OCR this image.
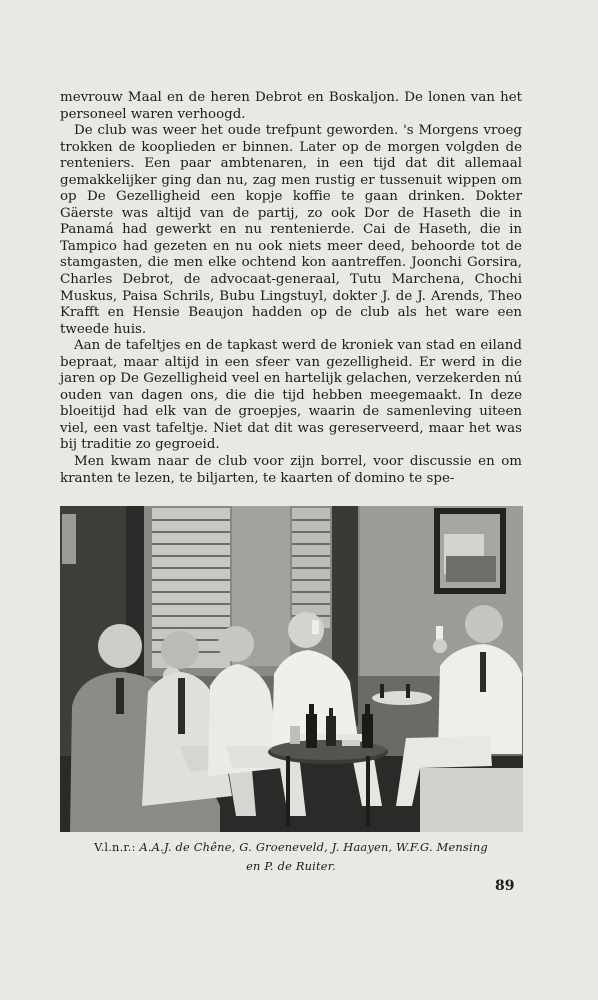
mevrouw Maal en de heren Debrot en Boskaljon. De lonen van het personeel waren verhoogd.

De club was weer het oude trefpunt geworden. 's Morgens vroeg trokken de kooplieden er binnen. Later op de morgen volgden de renteniers. Een paar ambtenaren, in een tijd dat dit allemaal gemakkelijker ging dan nu, zag men rustig er tussenuit wippen om op De Gezelligheid een kopje koffie te gaan drinken. Dokter Gäerste was altijd van de partij, zo ook Dor de Haseth die in Panamá had gewerkt en nu rentenierde. Cai de Haseth, die in Tampico had gezeten en nu ook niets meer deed, behoorde tot de stamgasten, die men elke ochtend kon aantreffen. Joonchi Gorsira, Charles Debrot, de advocaat-generaal, Tutu Marchena, Chochi Muskus, Paisa Schrils, Bubu Lingstuyl, dokter J. de J. Arends, Theo Krafft en Hensie Beaujon hadden op de club als het ware een tweede huis.

Aan de tafeltjes en de tapkast werd de kroniek van stad en eiland bepraat, maar altijd in een sfeer van gezelligheid. Er werd in die jaren op De Gezelligheid veel en hartelijk gelachen, verzekerden nú ouden van dagen ons, die die tijd hebben meegemaakt. In deze bloeitijd had elk van de groepjes, waarin de samenleving uiteen viel, een vast tafeltje. Niet dat dit was gereserveerd, maar het was bij traditie zo gegroeid.

Men kwam naar de club voor zijn borrel, voor discussie en om kranten te lezen, te biljarten, te kaarten of domino te spe-

V.l.n.r.: A.A.J. de Chêne, G. Groeneveld, J. Haayen, W.F.G. Mensing
en P. de Ruiter.
89
